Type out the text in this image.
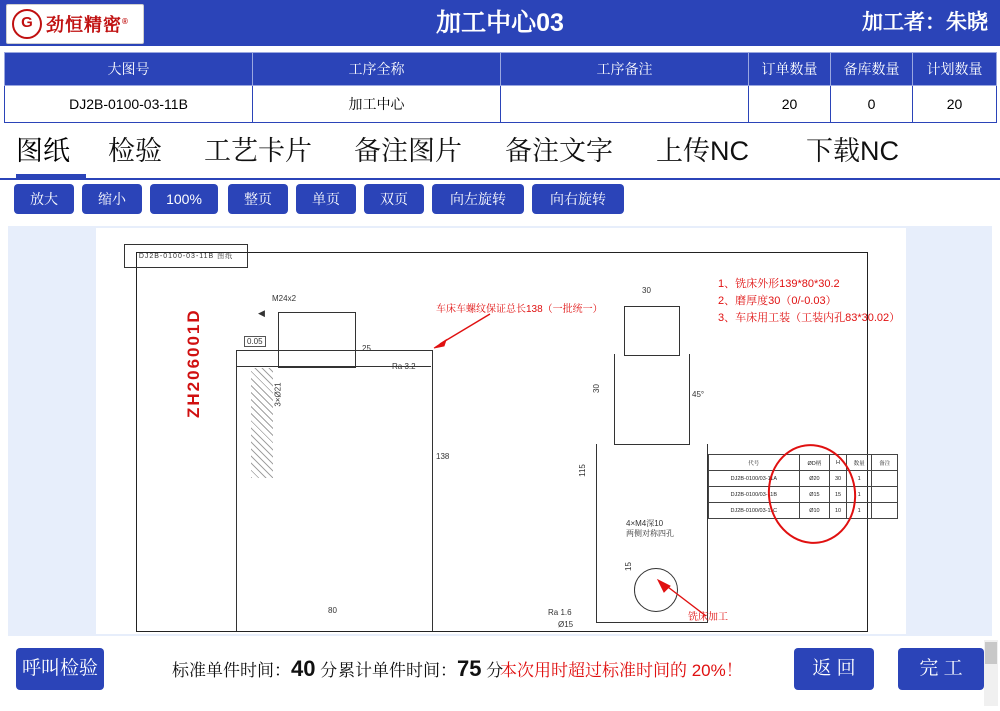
G 劲恒精密®	加工中心03	加工者：朱晓
大图号	工序全称	工序备注	订单数量	备库数量	计划数量
DJ2B-0100-03-11B	加工中心		20	0	20
图纸	检验	工艺卡片	备注图片	备注文字	上传NC	下载NC
放大	缩小	100%	整页	单页	双页	向左旋转	向右旋转
DJ2B-0100-03-11B 图纸
1、铣床外形139*80*30.2
2、磨厚度30（0/-0.03）
3、车床用工装（工装内孔83*30.02）
车床车螺纹保证总长138（一批统一）
ZH206001D
M24x2
25
138
3×Ø21
80
0.05
Ra 3.2
◀
30
30
115
15
45°
4×M4深10
两侧对称四孔
Ra 1.6
Ø15
铣床加工
代号	ØD柄	H	数量	备注
DJ2B-0100/03-11A	Ø20	30	1	
DJ2B-0100/03-11B	Ø15	15	1	
DJ2B-0100/03-11C	Ø10	10	1	
呼叫检验	标准单件时间：40 分 累计单件时间：75 分
本次用时超过标准时间的 20%！	返 回	完 工
